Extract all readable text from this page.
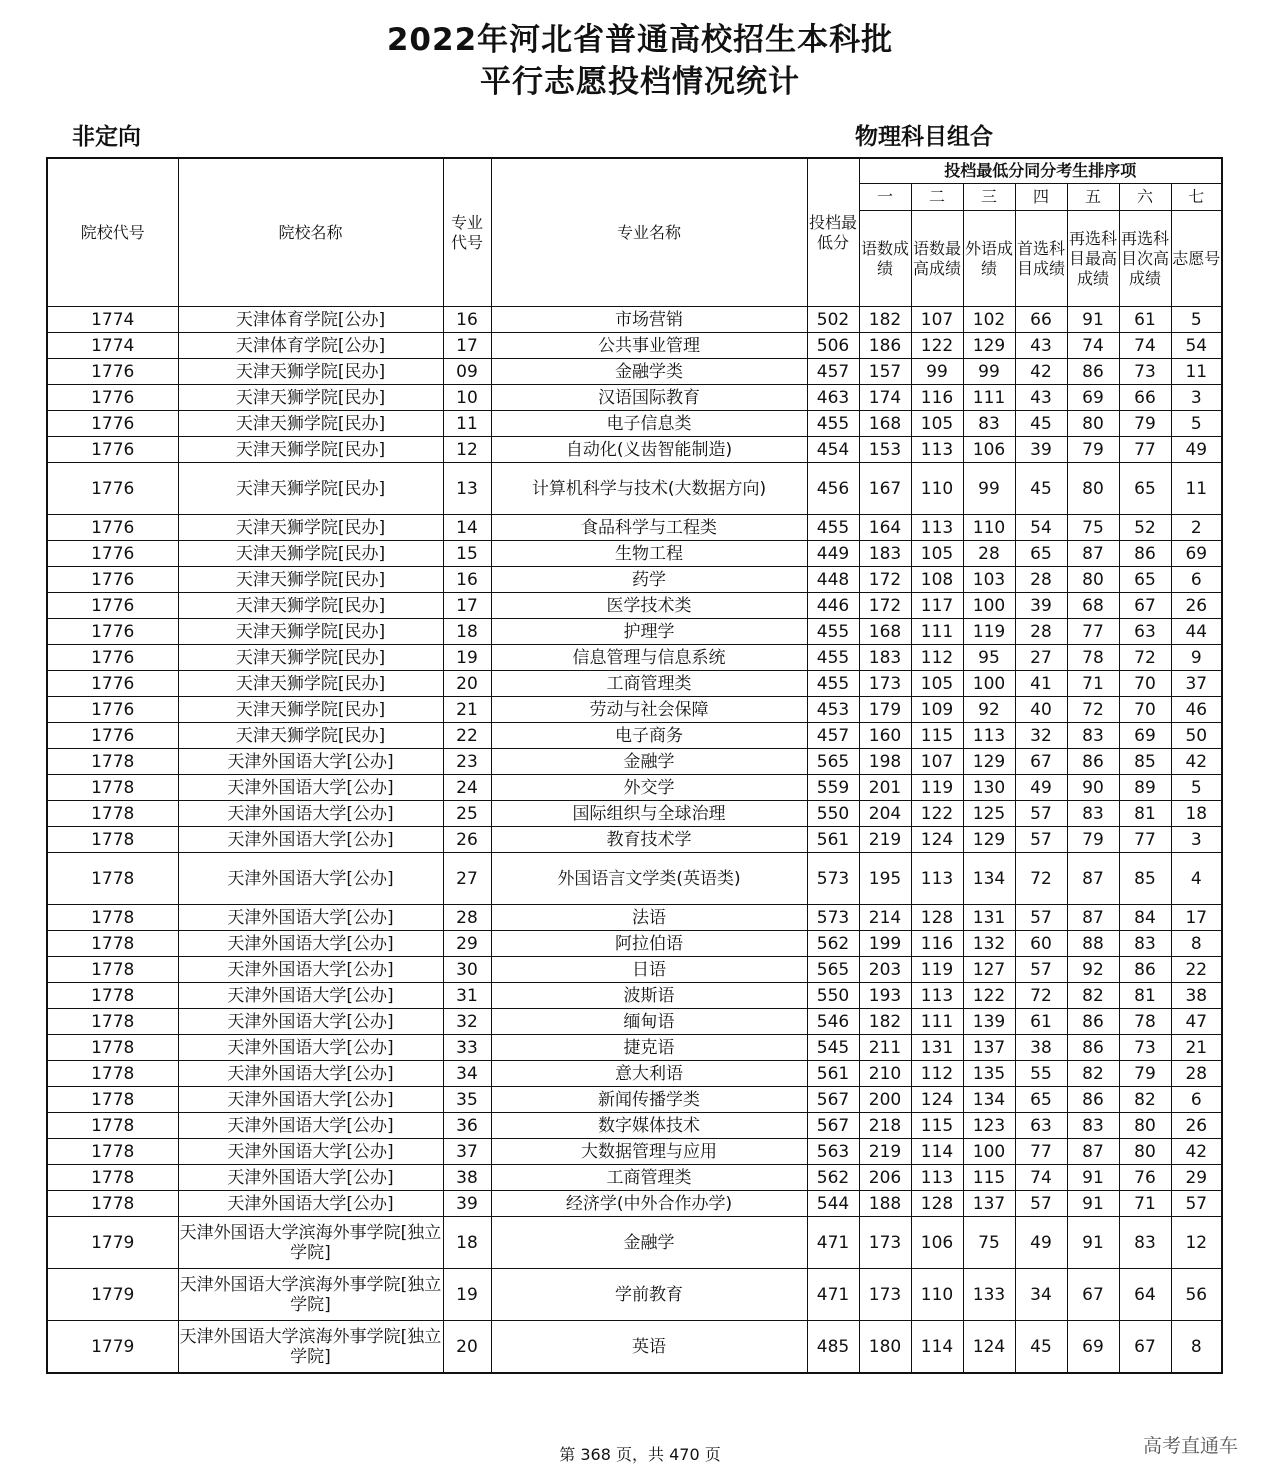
2022年河北省普通高校招生本科批
平行志愿投档情况统计
非定向	物理科目组合
院校代号	院校名称	专业代号	专业名称	投档最低分	投档最低分同分考生排序项						
					一	二	三	四	五	六	七
					语数成绩	语数最高成绩	外语成绩	首选科目成绩	再选科目最高成绩	再选科目次高成绩	志愿号
1774	天津体育学院[公办]	16	市场营销	502	182	107	102	66	91	61	5
1774	天津体育学院[公办]	17	公共事业管理	506	186	122	129	43	74	74	54
1776	天津天狮学院[民办]	09	金融学类	457	157	99	99	42	86	73	11
1776	天津天狮学院[民办]	10	汉语国际教育	463	174	116	111	43	69	66	3
1776	天津天狮学院[民办]	11	电子信息类	455	168	105	83	45	80	79	5
1776	天津天狮学院[民办]	12	自动化(义齿智能制造)	454	153	113	106	39	79	77	49
1776	天津天狮学院[民办]	13	计算机科学与技术(大数据方向)	456	167	110	99	45	80	65	11
1776	天津天狮学院[民办]	14	食品科学与工程类	455	164	113	110	54	75	52	2
1776	天津天狮学院[民办]	15	生物工程	449	183	105	28	65	87	86	69
1776	天津天狮学院[民办]	16	药学	448	172	108	103	28	80	65	6
1776	天津天狮学院[民办]	17	医学技术类	446	172	117	100	39	68	67	26
1776	天津天狮学院[民办]	18	护理学	455	168	111	119	28	77	63	44
1776	天津天狮学院[民办]	19	信息管理与信息系统	455	183	112	95	27	78	72	9
1776	天津天狮学院[民办]	20	工商管理类	455	173	105	100	41	71	70	37
1776	天津天狮学院[民办]	21	劳动与社会保障	453	179	109	92	40	72	70	46
1776	天津天狮学院[民办]	22	电子商务	457	160	115	113	32	83	69	50
1778	天津外国语大学[公办]	23	金融学	565	198	107	129	67	86	85	42
1778	天津外国语大学[公办]	24	外交学	559	201	119	130	49	90	89	5
1778	天津外国语大学[公办]	25	国际组织与全球治理	550	204	122	125	57	83	81	18
1778	天津外国语大学[公办]	26	教育技术学	561	219	124	129	57	79	77	3
1778	天津外国语大学[公办]	27	外国语言文学类(英语类)	573	195	113	134	72	87	85	4
1778	天津外国语大学[公办]	28	法语	573	214	128	131	57	87	84	17
1778	天津外国语大学[公办]	29	阿拉伯语	562	199	116	132	60	88	83	8
1778	天津外国语大学[公办]	30	日语	565	203	119	127	57	92	86	22
1778	天津外国语大学[公办]	31	波斯语	550	193	113	122	72	82	81	38
1778	天津外国语大学[公办]	32	缅甸语	546	182	111	139	61	86	78	47
1778	天津外国语大学[公办]	33	捷克语	545	211	131	137	38	86	73	21
1778	天津外国语大学[公办]	34	意大利语	561	210	112	135	55	82	79	28
1778	天津外国语大学[公办]	35	新闻传播学类	567	200	124	134	65	86	82	6
1778	天津外国语大学[公办]	36	数字媒体技术	567	218	115	123	63	83	80	26
1778	天津外国语大学[公办]	37	大数据管理与应用	563	219	114	100	77	87	80	42
1778	天津外国语大学[公办]	38	工商管理类	562	206	113	115	74	91	76	29
1778	天津外国语大学[公办]	39	经济学(中外合作办学)	544	188	128	137	57	91	71	57
1779	天津外国语大学滨海外事学院[独立学院]	18	金融学	471	173	106	75	49	91	83	12
1779	天津外国语大学滨海外事学院[独立学院]	19	学前教育	471	173	110	133	34	67	64	56
1779	天津外国语大学滨海外事学院[独立学院]	20	英语	485	180	114	124	45	69	67	8
第 368 页，共 470 页	高考直通车
